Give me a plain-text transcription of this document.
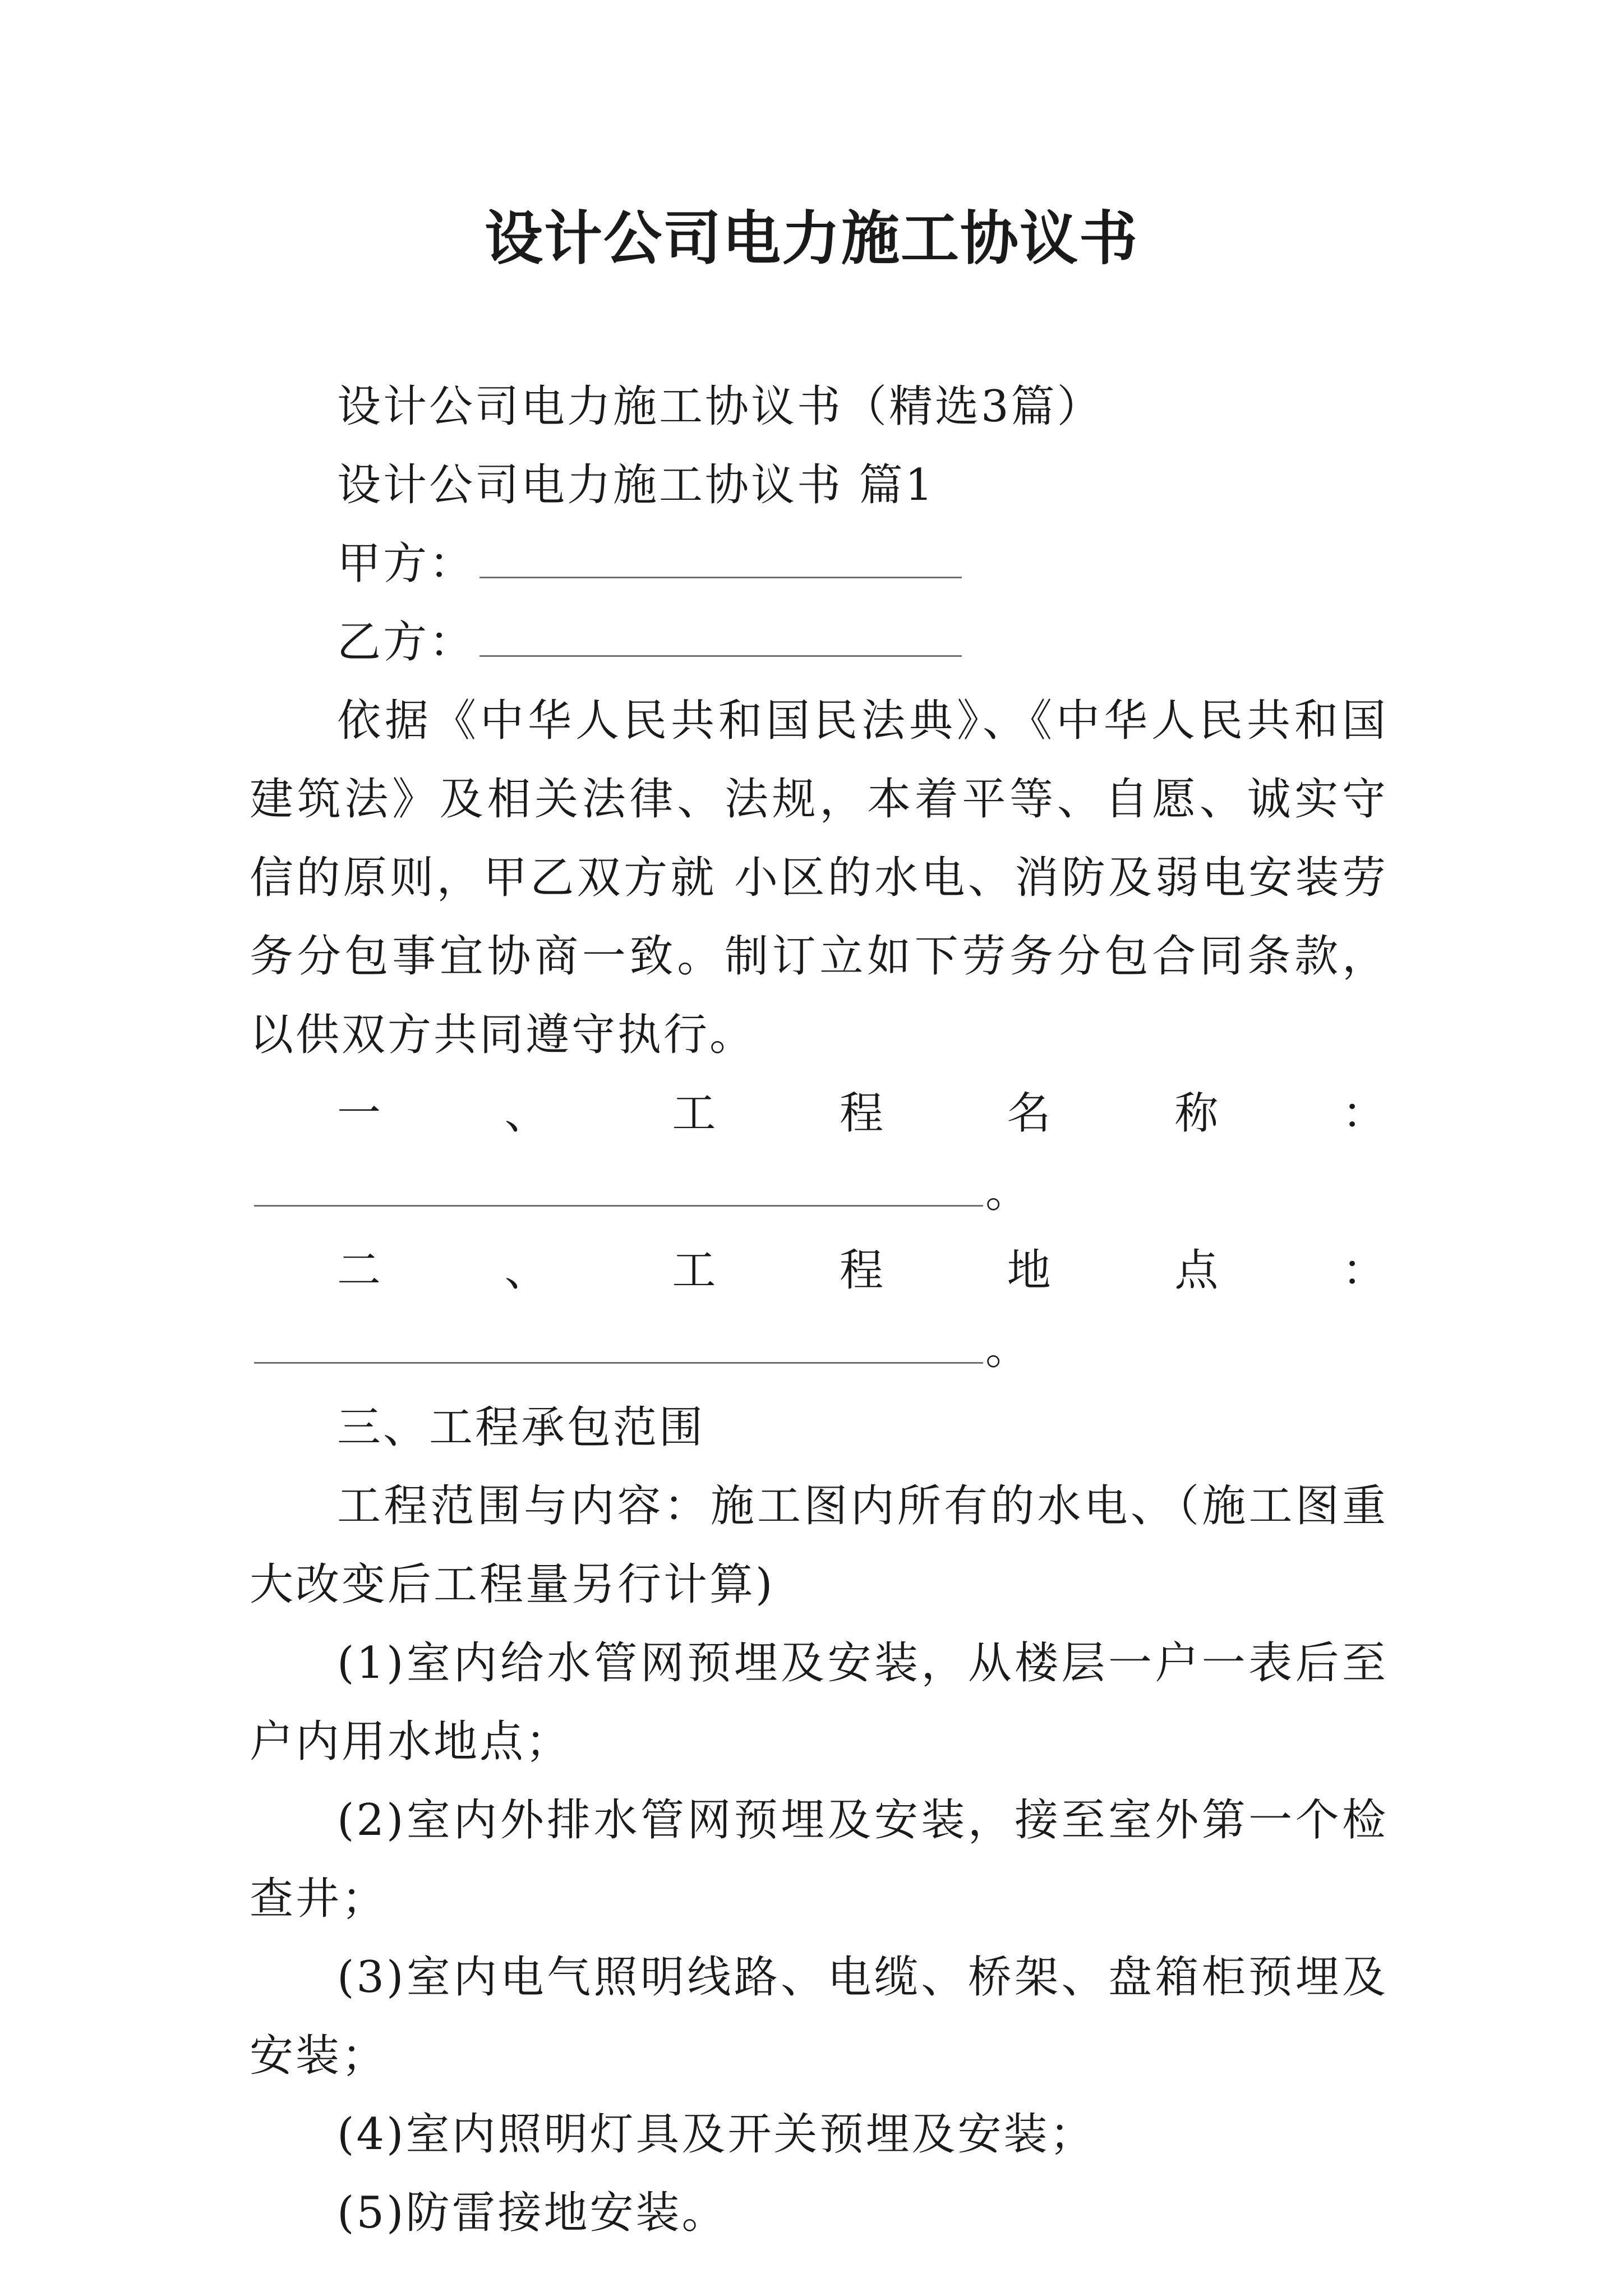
设计公司电力施工协议书

设计公司电力施工协议书（精选3篇）

设计公司电力施工协议书 篇1

甲方：

乙方：

依据《中华人民共和国民法典》、《中华人民共和国建筑法》及相关法律、法规，本着平等、自愿、诚实守信的原则，甲乙双方就 小区的水电、消防及弱电安装劳务分包事宜协商一致。制订立如下劳务分包合同条款，以供双方共同遵守执行。

一、工程名称：。

二、工程地点：。

三、工程承包范围

工程范围与内容：施工图内所有的水电、（施工图重大改变后工程量另行计算)

(1)室内给水管网预埋及安装，从楼层一户一表后至户内用水地点；

(2)室内外排水管网预埋及安装，接至室外第一个检查井；

(3)室内电气照明线路、电缆、桥架、盘箱柜预埋及安装；

(4)室内照明灯具及开关预埋及安装；

(5)防雷接地安装。
